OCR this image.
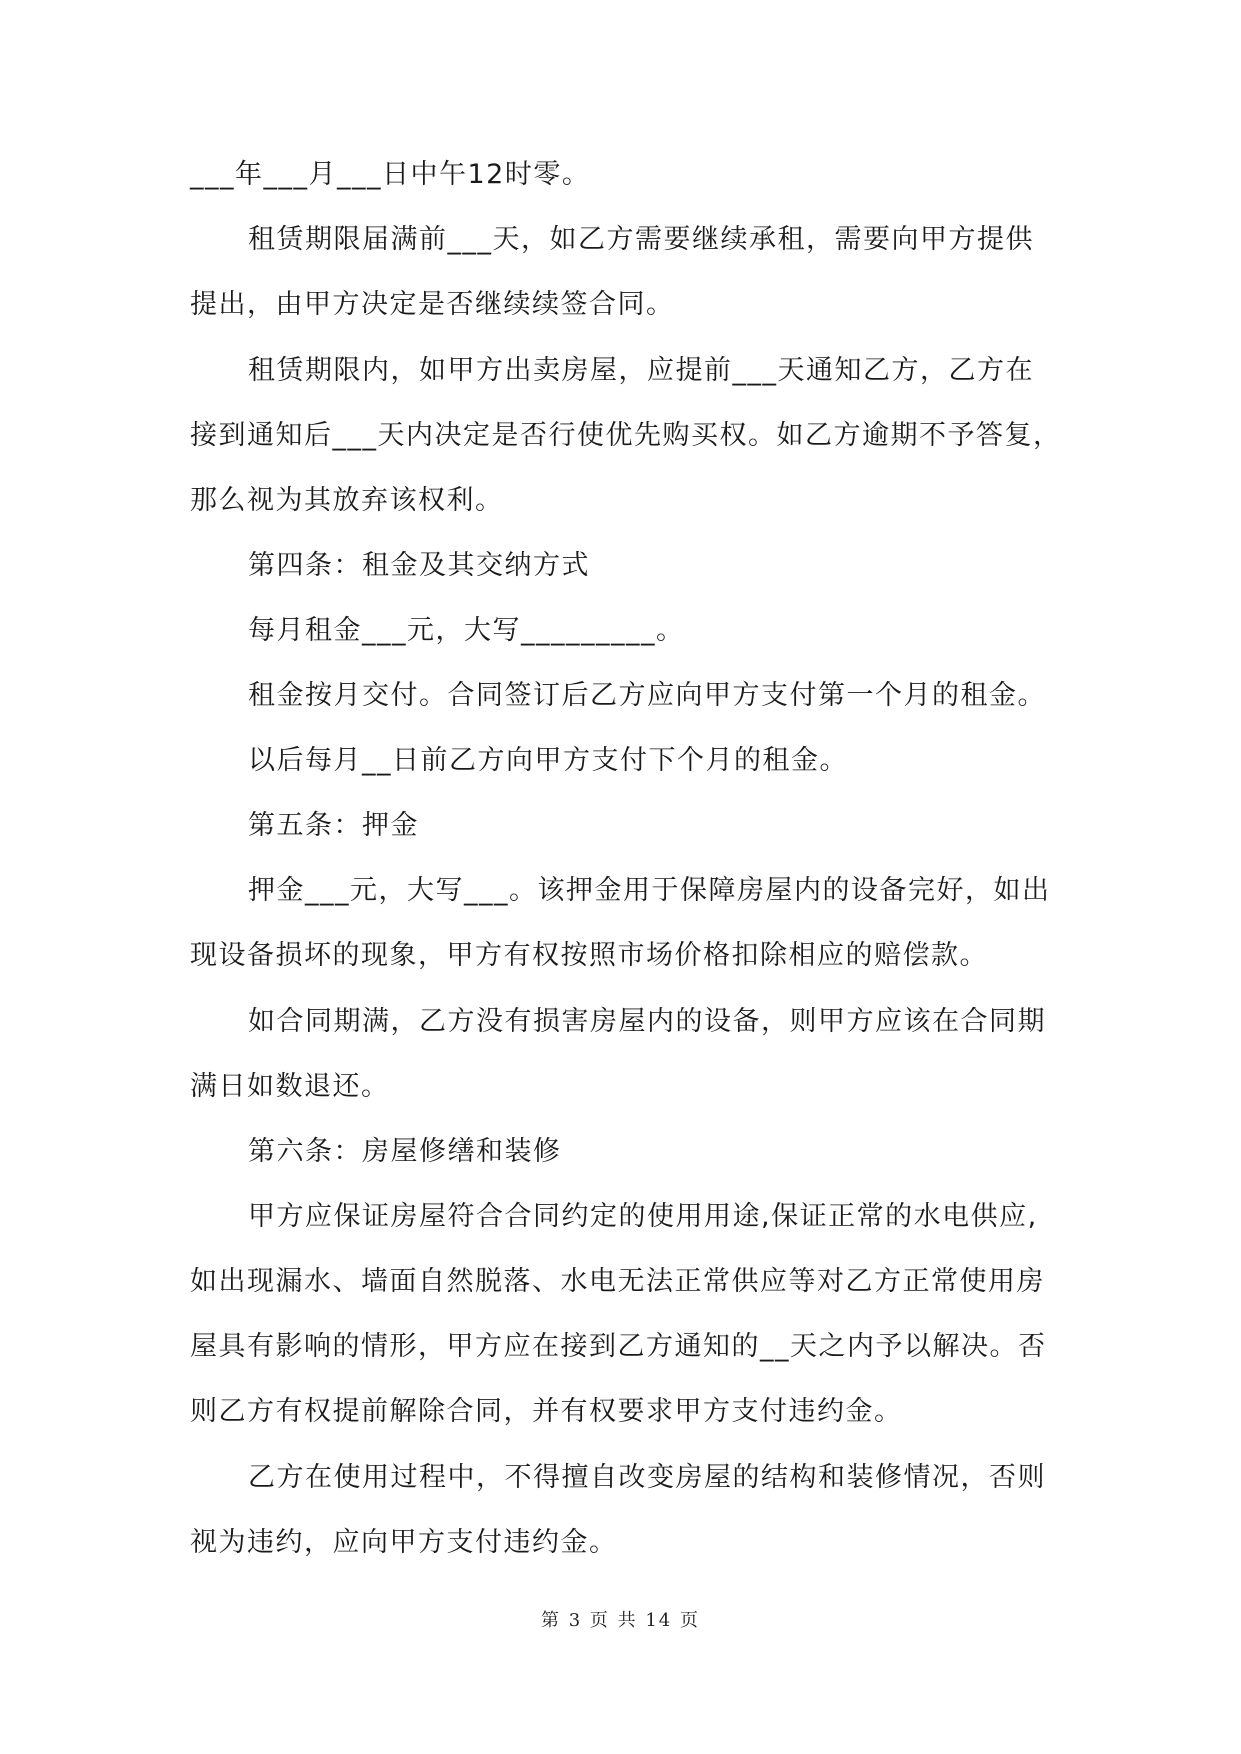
___年___月___日中午12时零。
租赁期限届满前___天，如乙方需要继续承租，需要向甲方提供
提出，由甲方决定是否继续续签合同。
租赁期限内，如甲方出卖房屋，应提前___天通知乙方，乙方在
接到通知后___天内决定是否行使优先购买权。如乙方逾期不予答复，
那么视为其放弃该权利。
第四条：租金及其交纳方式
每月租金___元，大写_________。
租金按月交付。合同签订后乙方应向甲方支付第一个月的租金。
以后每月__日前乙方向甲方支付下个月的租金。
第五条：押金
押金___元，大写___。该押金用于保障房屋内的设备完好，如出
现设备损坏的现象，甲方有权按照市场价格扣除相应的赔偿款。
如合同期满，乙方没有损害房屋内的设备，则甲方应该在合同期
满日如数退还。
第六条：房屋修缮和装修
甲方应保证房屋符合合同约定的使用用途,保证正常的水电供应,
如出现漏水、墙面自然脱落、水电无法正常供应等对乙方正常使用房
屋具有影响的情形，甲方应在接到乙方通知的__天之内予以解决。否
则乙方有权提前解除合同，并有权要求甲方支付违约金。
乙方在使用过程中，不得擅自改变房屋的结构和装修情况，否则
视为违约，应向甲方支付违约金。
第 3 页 共 14 页
